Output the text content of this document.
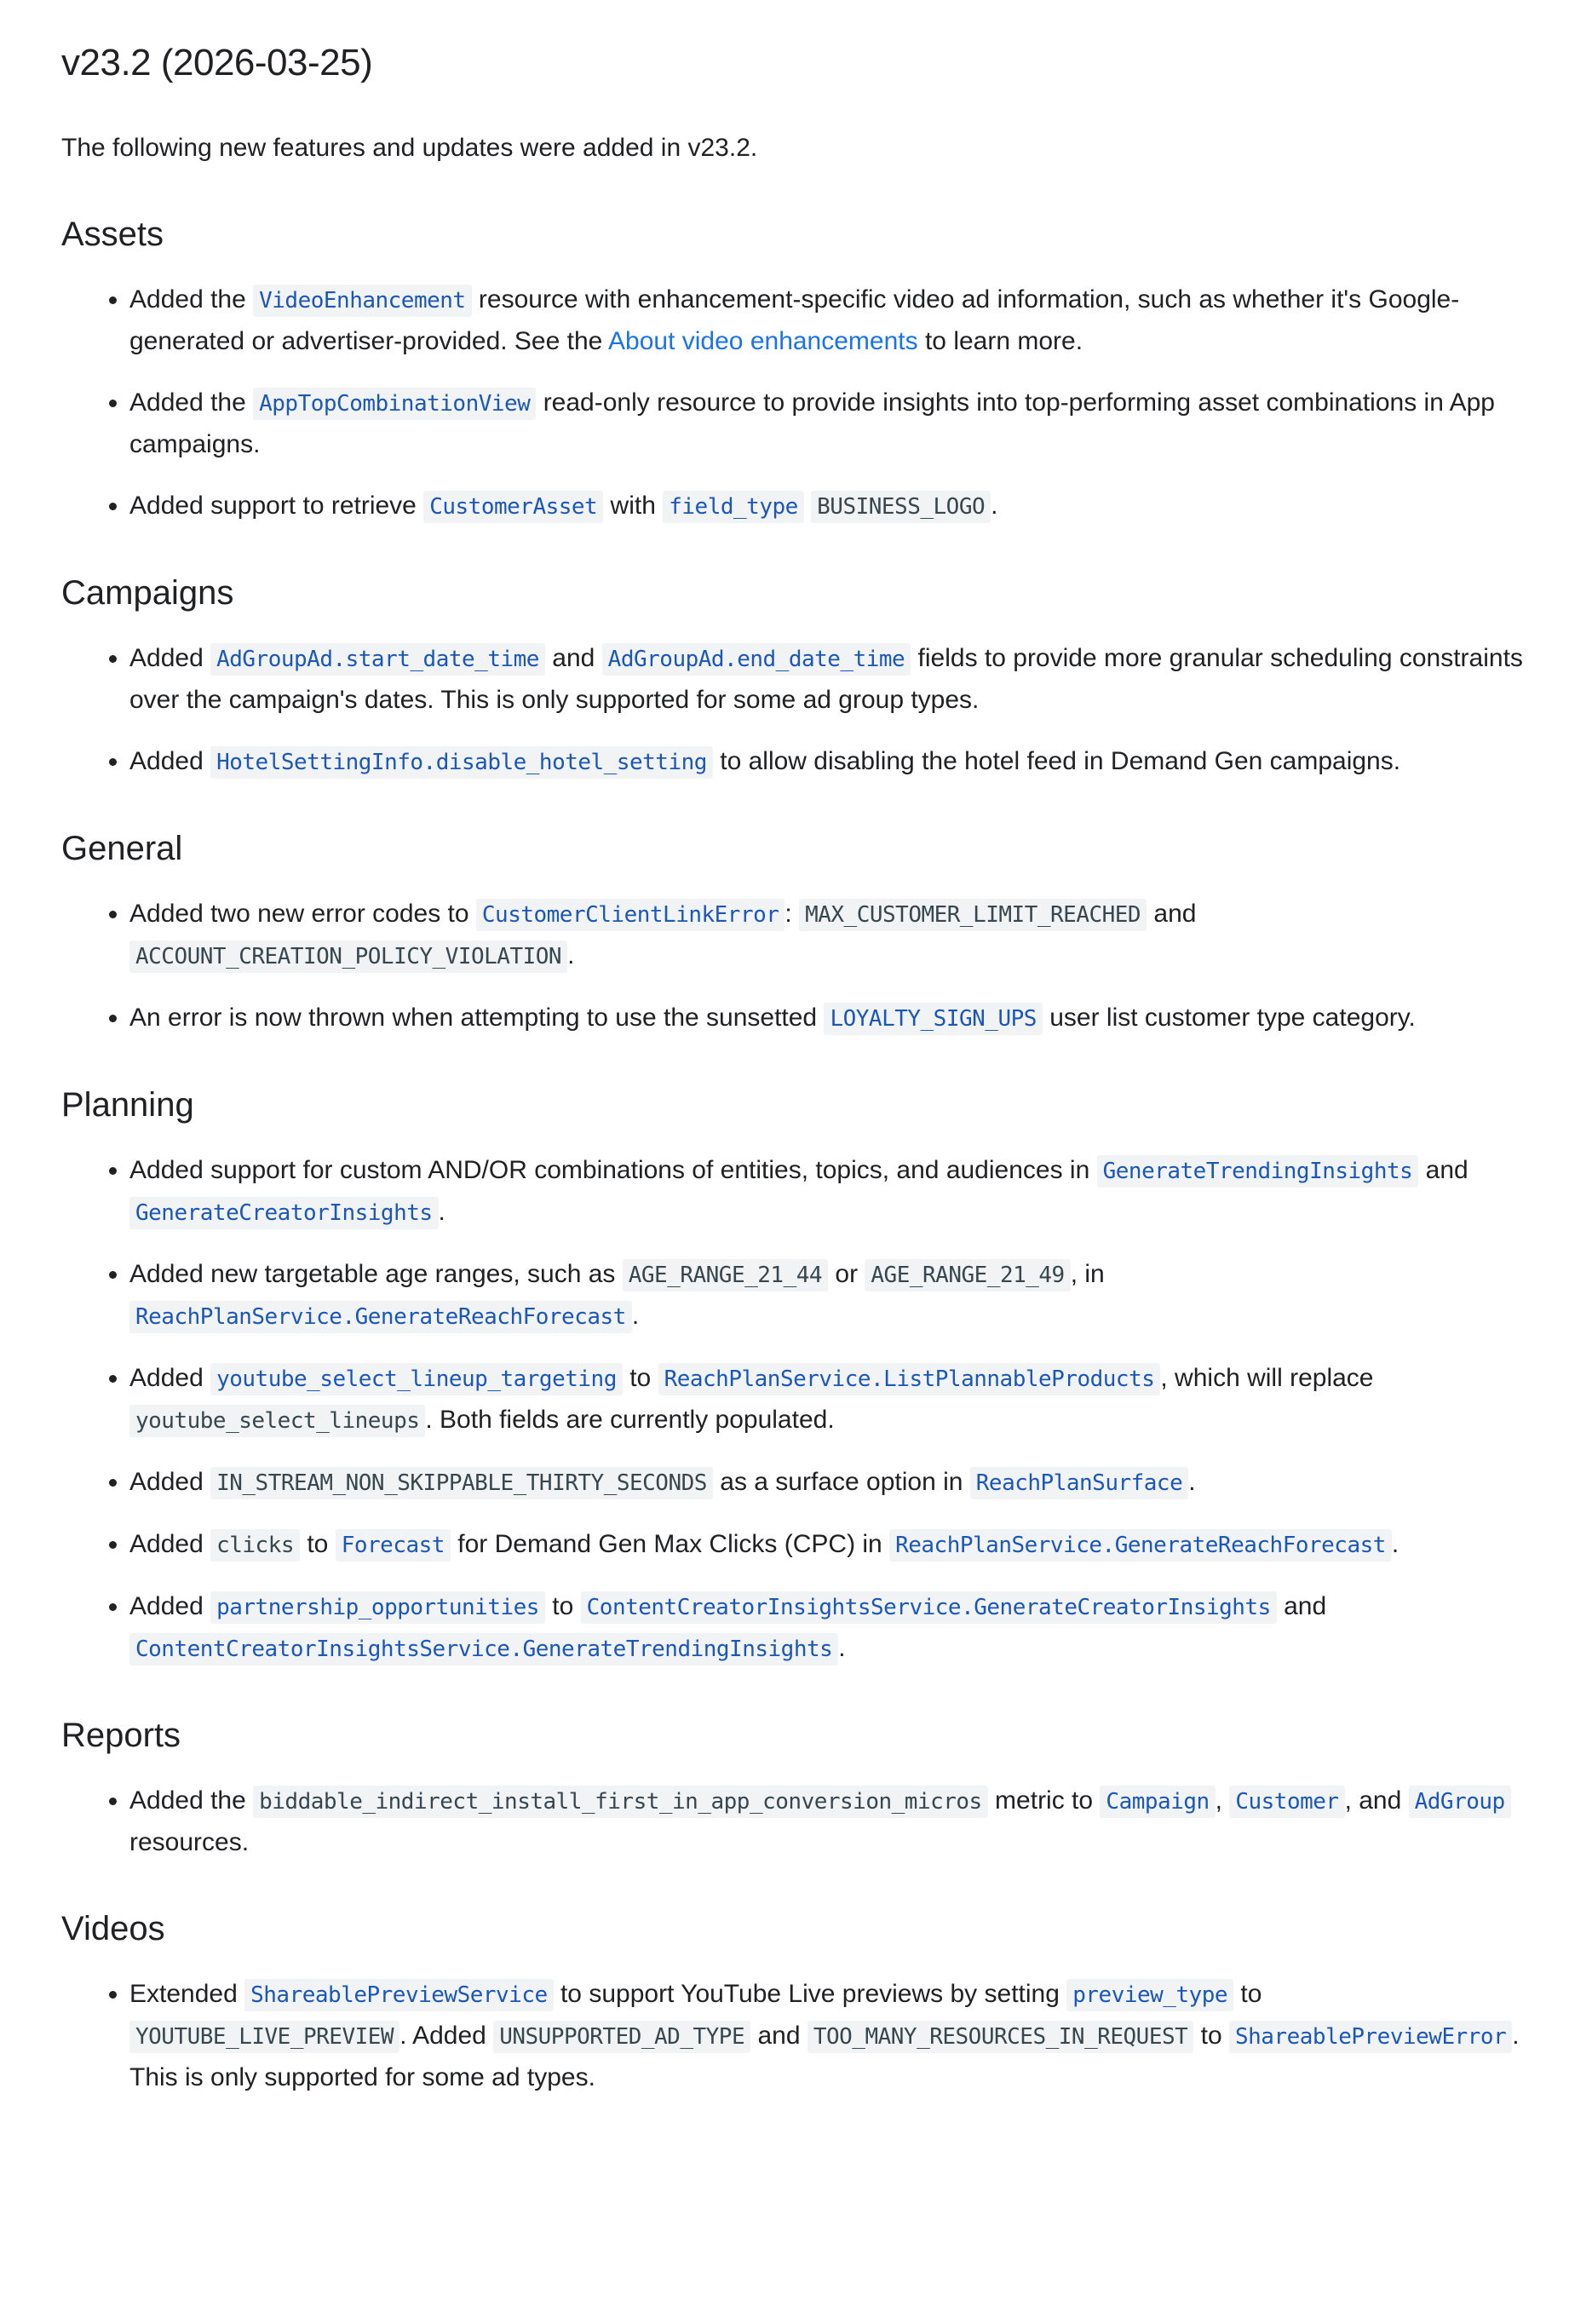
v23.2 (2026-03-25)

The following new features and updates were added in v23.2.

Assets
Added the VideoEnhancement resource with enhancement-specific video ad information, such as whether it's Google-generated or advertiser-provided. See the About video enhancements to learn more.
Added the AppTopCombinationView read-only resource to provide insights into top-performing asset combinations in App campaigns.
Added support to retrieve CustomerAsset with field_type BUSINESS_LOGO .
Campaigns
Added AdGroupAd.start_date_time and AdGroupAd.end_date_time fields to provide more granular scheduling constraints over the campaign's dates. This is only supported for some ad group types.
Added HotelSettingInfo.disable_hotel_setting to allow disabling the hotel feed in Demand Gen campaigns.
General
Added two new error codes to CustomerClientLinkError : MAX_CUSTOMER_LIMIT_REACHED and ACCOUNT_CREATION_POLICY_VIOLATION .
An error is now thrown when attempting to use the sunsetted LOYALTY_SIGN_UPS user list customer type category.
Planning
Added support for custom AND/OR combinations of entities, topics, and audiences in GenerateTrendingInsights and GenerateCreatorInsights .
Added new targetable age ranges, such as AGE_RANGE_21_44 or AGE_RANGE_21_49 , in ReachPlanService.GenerateReachForecast .
Added youtube_select_lineup_targeting to ReachPlanService.ListPlannableProducts , which will replace youtube_select_lineups . Both fields are currently populated.
Added IN_STREAM_NON_SKIPPABLE_THIRTY_SECONDS as a surface option in ReachPlanSurface .
Added clicks to Forecast for Demand Gen Max Clicks (CPC) in ReachPlanService.GenerateReachForecast .
Added partnership_opportunities to ContentCreatorInsightsService.GenerateCreatorInsights and ContentCreatorInsightsService.GenerateTrendingInsights .
Reports
Added the biddable_indirect_install_first_in_app_conversion_micros metric to Campaign , Customer , and AdGroup resources.
Videos
Extended ShareablePreviewService to support YouTube Live previews by setting preview_type to YOUTUBE_LIVE_PREVIEW . Added UNSUPPORTED_AD_TYPE and TOO_MANY_RESOURCES_IN_REQUEST to ShareablePreviewError . This is only supported for some ad types.
